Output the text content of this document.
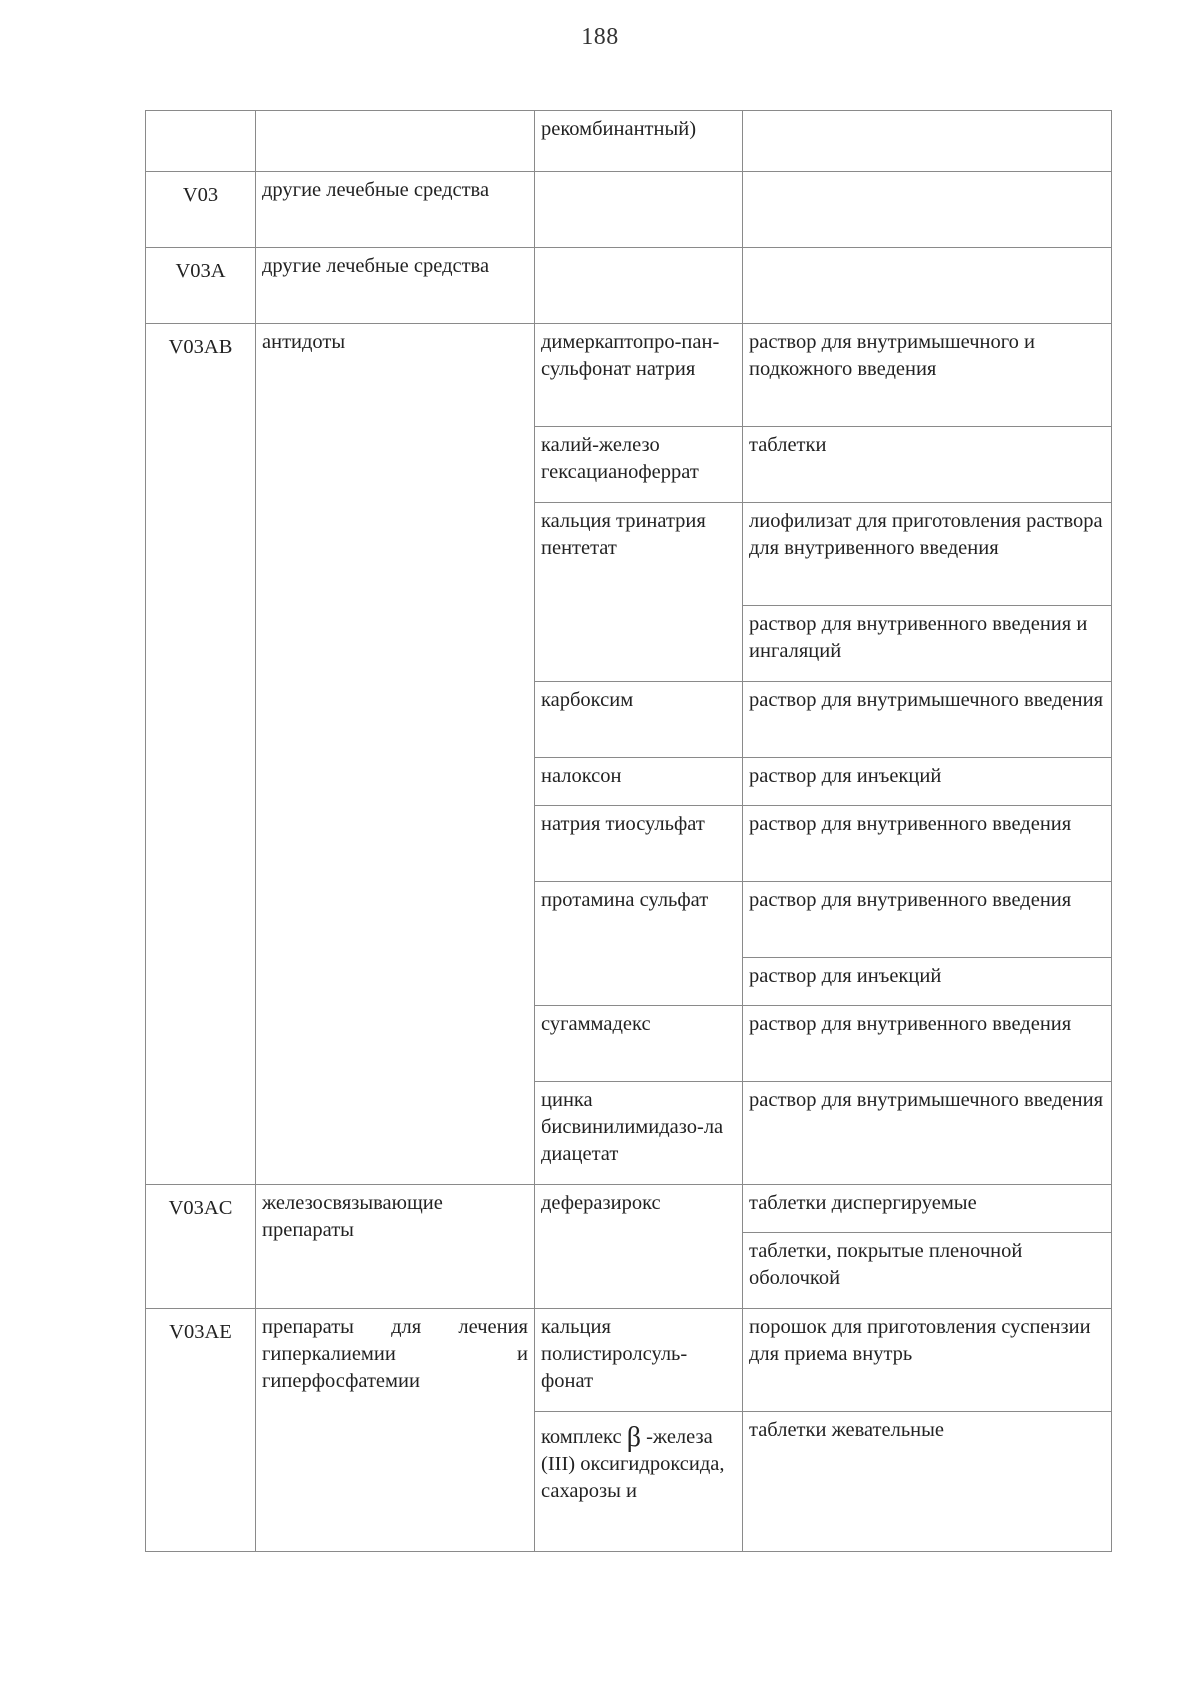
188
		рекомбинантный)	
V03	другие лечебные средства		

V03A	другие лечебные средства		

V03AB	антидоты	димеркаптопро-пан-сульфонат натрия	раствор для внутримышечного и подкожного введения
		калий-железо гексацианоферрат	таблетки
		кальция тринатрия пентетат	лиофилизат для приготовления раствора для внутривенного введения
			раствор для внутривенного введения и ингаляций
		карбоксим	раствор для внутримышечного введения
		налоксон	раствор для инъекций
		натрия тиосульфат	раствор для внутривенного введения
		протамина сульфат	раствор для внутривенного введения
			раствор для инъекций
		сугаммадекс	раствор для внутривенного введения
		цинка бисвинилимидазо-ла диацетат	раствор для внутримышечного введения
V03AC	железосвязывающие препараты	деферазирокс	таблетки диспергируемые
			таблетки, покрытые пленочной оболочкой
V03AE	препараты для лечения гиперкалиемии и гиперфосфатемии	кальция полистиролсуль-фонат	порошок для приготовления суспензии для приема внутрь
		комплекс β -железа (III) оксигидроксида, сахарозы и	таблетки жевательные
